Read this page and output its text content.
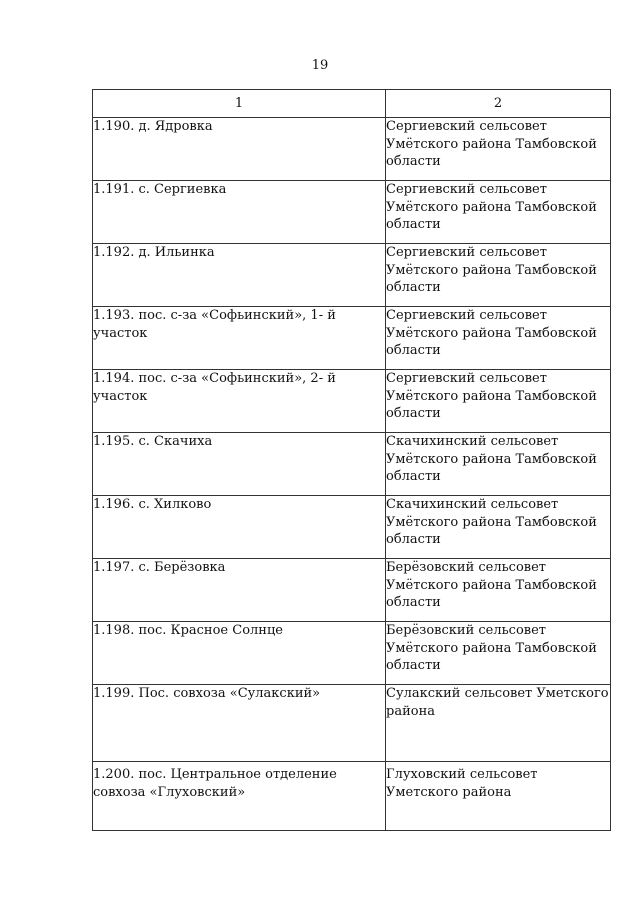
19
1	2
1.190. д. Ядровка	Сергиевский сельсовет Умётского района Тамбовской области
1.191. с. Сергиевка	Сергиевский сельсовет Умётского района Тамбовской области
1.192. д. Ильинка	Сергиевский сельсовет Умётского района Тамбовской области
1.193. пос. с-за «Софьинский», 1- й участок	Сергиевский сельсовет Умётского района Тамбовской области
1.194. пос. с-за «Софьинский», 2- й участок	Сергиевский сельсовет Умётского района Тамбовской области
1.195. с. Скачиха	Скачихинский сельсовет Умётского района Тамбовской области
1.196. с. Хилково	Скачихинский сельсовет Умётского района Тамбовской области
1.197. с. Берёзовка	Берёзовский сельсовет Умётского района Тамбовской области
1.198. пос. Красное Солнце	Берёзовский сельсовет Умётского района Тамбовской области
1.199. Пос. совхоза «Сулакский»	Сулакский сельсовет Уметского района
1.200. пос. Центральное отделение совхоза «Глуховский»	Глуховский сельсовет Уметского района
